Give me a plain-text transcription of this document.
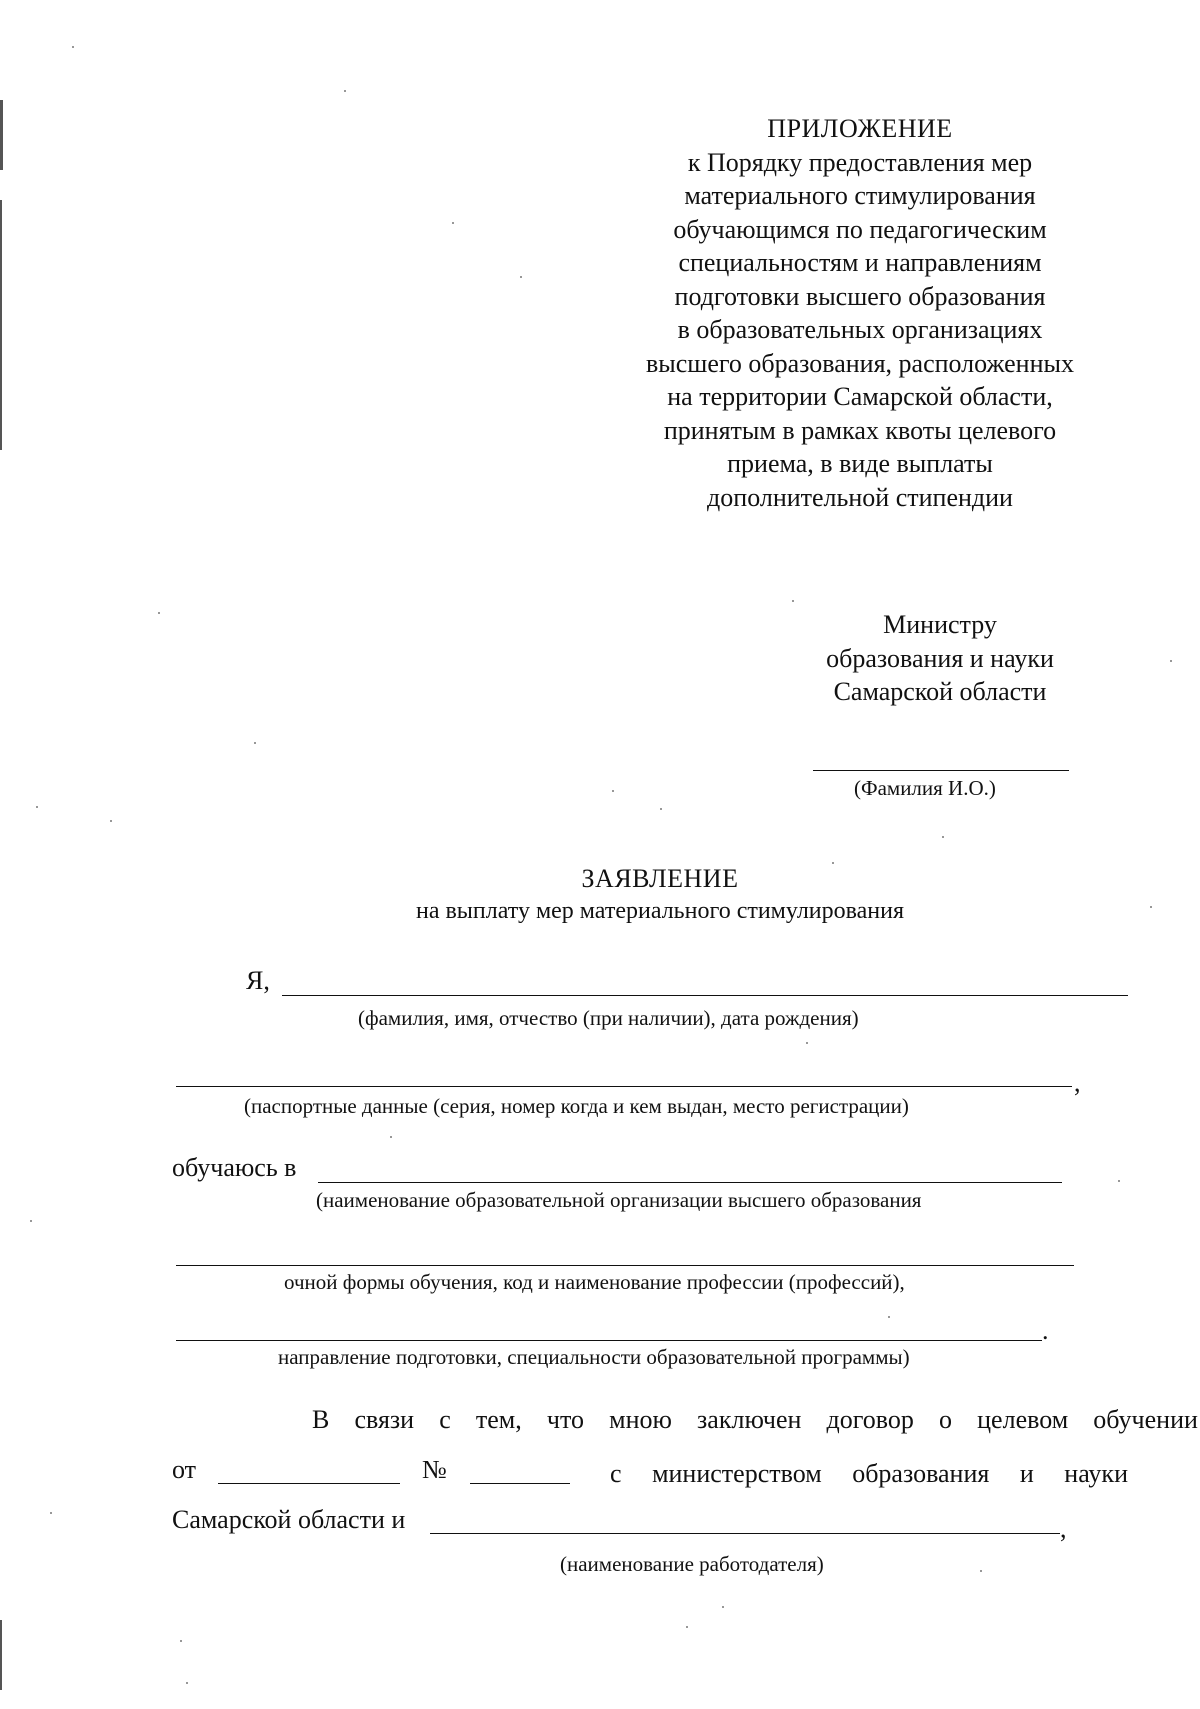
ПРИЛОЖЕНИЕ
к Порядку предоставления мер
материального стимулирования
обучающимся по педагогическим
специальностям и направлениям
подготовки высшего образования
в образовательных организациях
высшего образования, расположенных
на территории Самарской области,
принятым в рамках квоты целевого
приема, в виде выплаты
дополнительной стипендии
Министру
образования и науки
Самарской области
(Фамилия И.О.)
ЗАЯВЛЕНИЕ
на выплату мер материального стимулирования
Я,
(фамилия, имя, отчество (при наличии), дата рождения)
,
(паспортные данные (серия, номер когда и кем выдан, место регистрации)
обучаюсь в
(наименование образовательной организации высшего образования
очной формы обучения, код и наименование профессии (профессий),
.
направление подготовки, специальности образовательной программы)
В связи с тем, что мною заключен договор о целевом обучении
от	№	с министерством образования и науки
Самарской области и	,
(наименование работодателя)
